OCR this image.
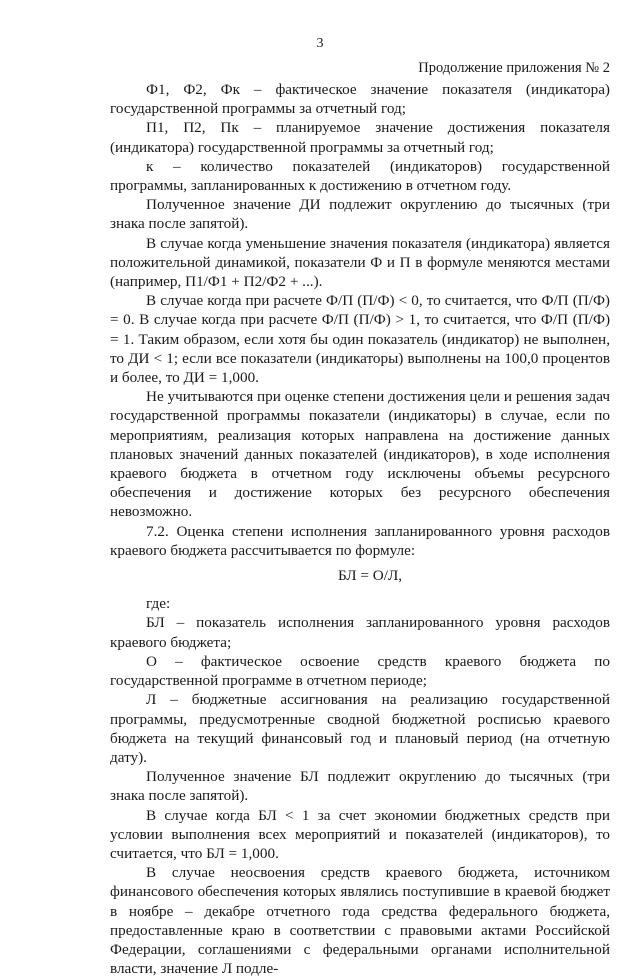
3
Продолжение приложения № 2

Ф1, Ф2, Фк – фактическое значение показателя (индикатора) государственной программы за отчетный год;

П1, П2, Пк – планируемое значение достижения показателя (индикатора) государственной программы за отчетный год;

к – количество показателей (индикаторов) государственной программы, запланированных к достижению в отчетном году.

Полученное значение ДИ подлежит округлению до тысячных (три знака после запятой).

В случае когда уменьшение значения показателя (индикатора) является положительной динамикой, показатели Ф и П в формуле меняются местами (например, П1/Ф1 + П2/Ф2 + ...).

В случае когда при расчете Ф/П (П/Ф) < 0, то считается, что Ф/П (П/Ф) = 0. В случае когда при расчете Ф/П (П/Ф) > 1, то считается, что Ф/П (П/Ф) = 1. Таким образом, если хотя бы один показатель (индикатор) не выполнен, то ДИ < 1; если все показатели (индикаторы) выполнены на 100,0 процентов и более, то ДИ = 1,000.

Не учитываются при оценке степени достижения цели и решения задач государственной программы показатели (индикаторы) в случае, если по мероприятиям, реализация которых направлена на достижение данных плановых значений данных показателей (индикаторов), в ходе исполнения краевого бюджета в отчетном году исключены объемы ресурсного обеспечения и достижение которых без ресурсного обеспечения невозможно.

7.2. Оценка степени исполнения запланированного уровня расходов краевого бюджета рассчитывается по формуле:

БЛ = О/Л,

где:

БЛ – показатель исполнения запланированного уровня расходов краевого бюджета;

О – фактическое освоение средств краевого бюджета по государственной программе в отчетном периоде;

Л – бюджетные ассигнования на реализацию государственной программы, предусмотренные сводной бюджетной росписью краевого бюджета на текущий финансовый год и плановый период (на отчетную дату).

Полученное значение БЛ подлежит округлению до тысячных (три знака после запятой).

В случае когда БЛ < 1 за счет экономии бюджетных средств при условии выполнения всех мероприятий и показателей (индикаторов), то считается, что БЛ = 1,000.

В случае неосвоения средств краевого бюджета, источником финансового обеспечения которых являлись поступившие в краевой бюджет в ноябре – декабре отчетного года средства федерального бюджета, предоставленные краю в соответствии с правовыми актами Российской Федерации, соглашениями с федеральными органами исполнительной власти, значение Л подле-
